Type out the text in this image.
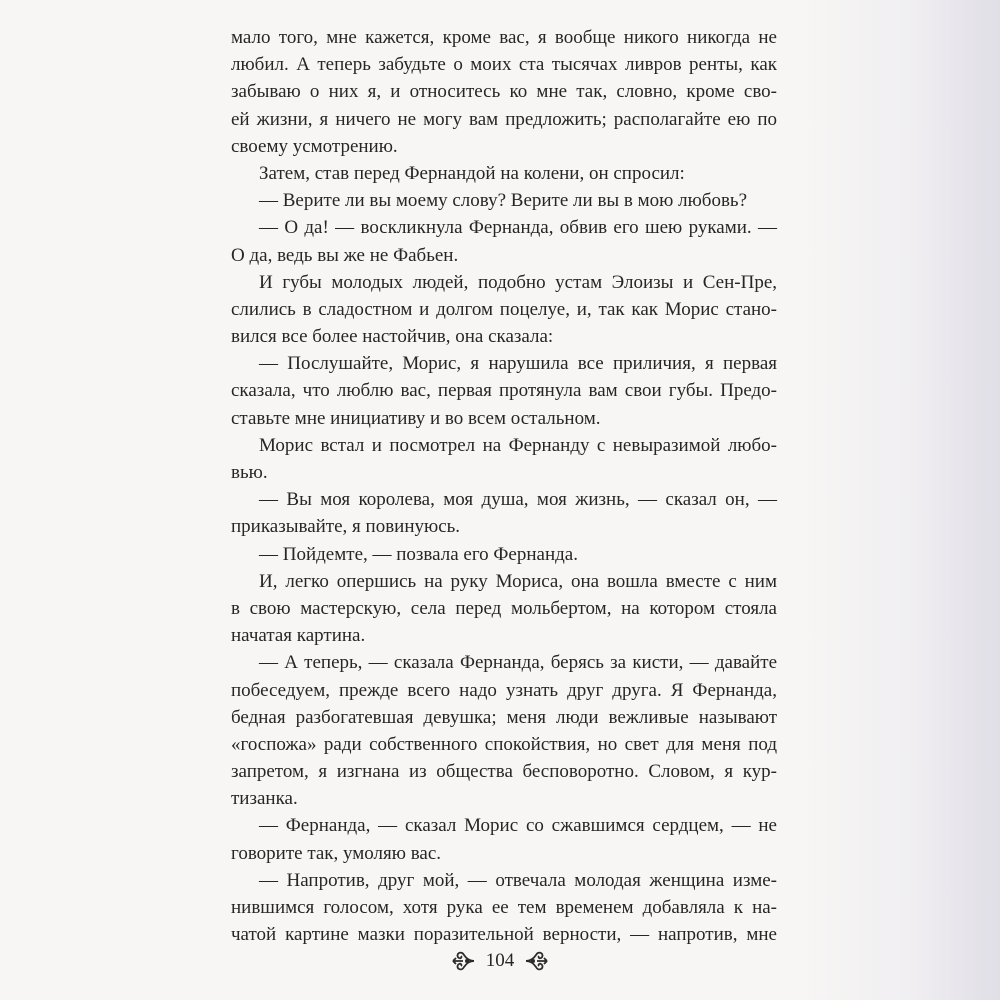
мало того, мне кажется, кроме вас, я вообще никого никогда не
любил. А теперь забудьте о моих ста тысячах ливров ренты, как
забываю о них я, и относитесь ко мне так, словно, кроме сво-
ей жизни, я ничего не могу вам предложить; располагайте ею по
своему усмотрению.
Затем, став перед Фернандой на колени, он спросил:
— Верите ли вы моему слову? Верите ли вы в мою любовь?
— О да! — воскликнула Фернанда, обвив его шею руками. —
О да, ведь вы же не Фабьен.
И губы молодых людей, подобно устам Элоизы и Сен-Пре,
слились в сладостном и долгом поцелуе, и, так как Морис стано-
вился все более настойчив, она сказала:
— Послушайте, Морис, я нарушила все приличия, я первая
сказала, что люблю вас, первая протянула вам свои губы. Предо-
ставьте мне инициативу и во всем остальном.
Морис встал и посмотрел на Фернанду с невыразимой любо-
вью.
— Вы моя королева, моя душа, моя жизнь, — сказал он, —
приказывайте, я повинуюсь.
— Пойдемте, — позвала его Фернанда.
И, легко опершись на руку Мориса, она вошла вместе с ним
в свою мастерскую, села перед мольбертом, на котором стояла
начатая картина.
— А теперь, — сказала Фернанда, берясь за кисти, — давайте
побеседуем, прежде всего надо узнать друг друга. Я Фернанда,
бедная разбогатевшая девушка; меня люди вежливые называют
«госпожа» ради собственного спокойствия, но свет для меня под
запретом, я изгнана из общества бесповоротно. Словом, я кур-
тизанка.
— Фернанда, — сказал Морис со сжавшимся сердцем, — не
говорите так, умоляю вас.
— Напротив, друг мой, — отвечала молодая женщина изме-
нившимся голосом, хотя рука ее тем временем добавляла к на-
чатой картине мазки поразительной верности, — напротив, мне
104
